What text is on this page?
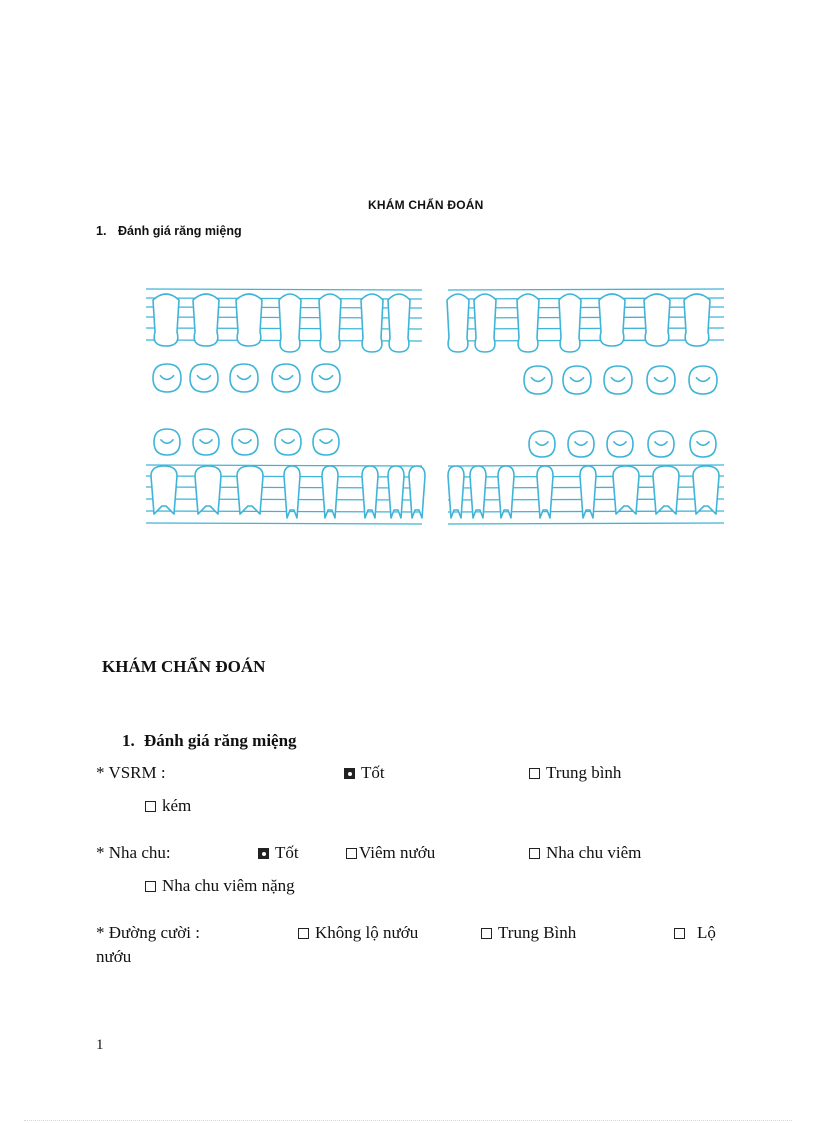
KHÁM CHẨN ĐOÁN
1. Đánh giá răng miệng
KHÁM CHẨN ĐOÁN
1. Đánh giá răng miệng
* VSRM :	Tốt	Trung bình
kém
* Nha chu:	Tốt	Viêm nướu	Nha chu viêm
Nha chu viêm nặng
* Đường cười :	Không lộ nướu	Trung Bình	Lộ
nướu
1
